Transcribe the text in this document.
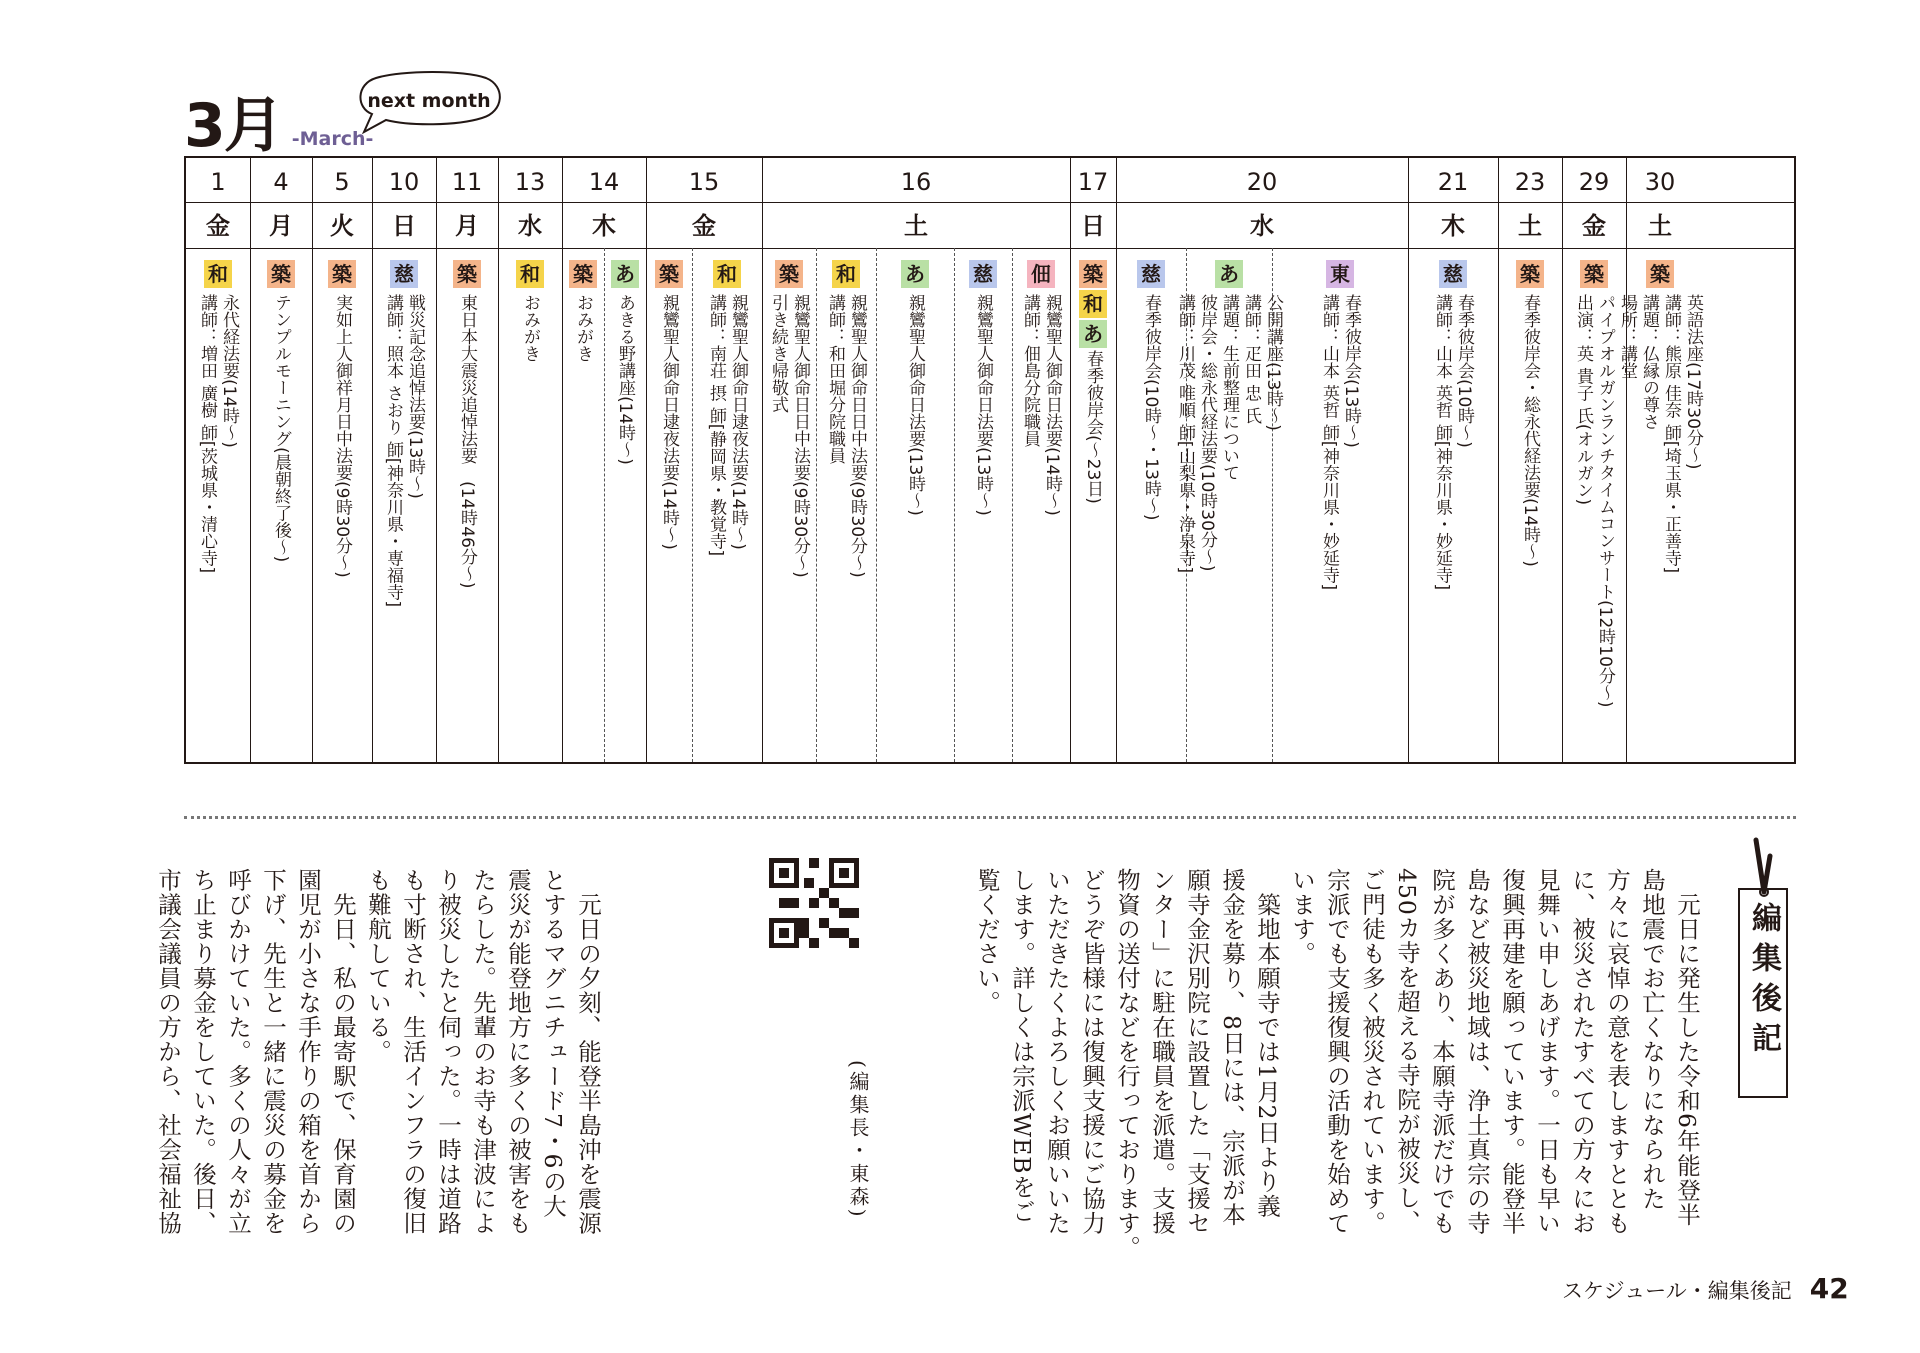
3月 -March-
next month
1
金
4
月
5
火
10
日
11
月
13
水
14
木
15
金
16
土
17
日
20
水
21
木
23
土
29
金
30
土
和
永代経法要(14時～)
講師：増田 廣樹 師[茨城県・清心寺]
築
テンプルモーニング(晨朝終了後～)
築
実如上人御祥月日中法要(9時30分～)
慈
戦災記念追悼法要(13時～)
講師：照本 さおり 師[神奈川県・専福寺]
築
東日本大震災追悼法要　(14時46分～)
和
おみがき
築
おみがき
あ
あきる野講座(14時～)
築
親鸞聖人御命日逮夜法要(14時～)
和
親鸞聖人御命日逮夜法要(14時～)
講師：南荘 摂 師[静岡県・教覚寺]
築
親鸞聖人御命日日中法要(9時30分～)
引き続き帰敬式
和
親鸞聖人御命日日中法要(9時30分～)
講師：和田堀分院職員
あ
親鸞聖人御命日法要(13時～)
慈
親鸞聖人御命日法要(13時～)
佃
親鸞聖人御命日法要(14時～)
講師：佃島分院職員
築
和
あ
春季彼岸会(～23日)
慈
春季彼岸会(10時～・13時～)
あ
公開講座(13時～)
講師：疋田 忠 氏
講題：生前整理について
彼岸会・総永代経法要(10時30分～)
講師：川茂 唯順 師[山梨県・浄泉寺]
東
春季彼岸会(13時～)
講師：山本 英哲 師[神奈川県・妙延寺]
慈
春季彼岸会(10時～)
講師：山本 英哲 師[神奈川県・妙延寺]
築
春季彼岸会・総永代経法要(14時～)
築
パイプオルガンランチタイムコンサート(12時10分～)
出演：英 貴子 氏(オルガン)
築
英語法座(17時30分～)
講師：熊原 佳奈 師[埼玉県・正善寺]
講題：仏縁の尊さ
場所：講堂
編集後記
　元日に発生した令和6年能登半
島地震でお亡くなりになられた
方々に哀悼の意を表しますととも
に、被災されたすべての方々にお
見舞い申しあげます。一日も早い
復興再建を願っています。能登半
島など被災地域は、浄土真宗の寺
院が多くあり、本願寺派だけでも
450カ寺を超える寺院が被災し、
ご門徒も多く被災されています。
宗派でも支援復興の活動を始めて
います。
　築地本願寺では1月2日より義
援金を募り、8日には、宗派が本
願寺金沢別院に設置した「支援セ
ンター」に駐在職員を派遣。支援
物資の送付などを行っております。
どうぞ皆様には復興支援にご協力
いただきたくよろしくお願いいた
します。詳しくは宗派WEBをご
覧ください。
(編集長・東森)
　元日の夕刻、能登半島沖を震源
とするマグニチュード7・6の大
震災が能登地方に多くの被害をも
たらした。先輩のお寺も津波によ
り被災したと伺った。一時は道路
も寸断され、生活インフラの復旧
も難航している。
　先日、私の最寄駅で、保育園の
園児が小さな手作りの箱を首から
下げ、先生と一緒に震災の募金を
呼びかけていた。多くの人々が立
ち止まり募金をしていた。後日、
市議会議員の方から、社会福祉協
スケジュール・編集後記 42
